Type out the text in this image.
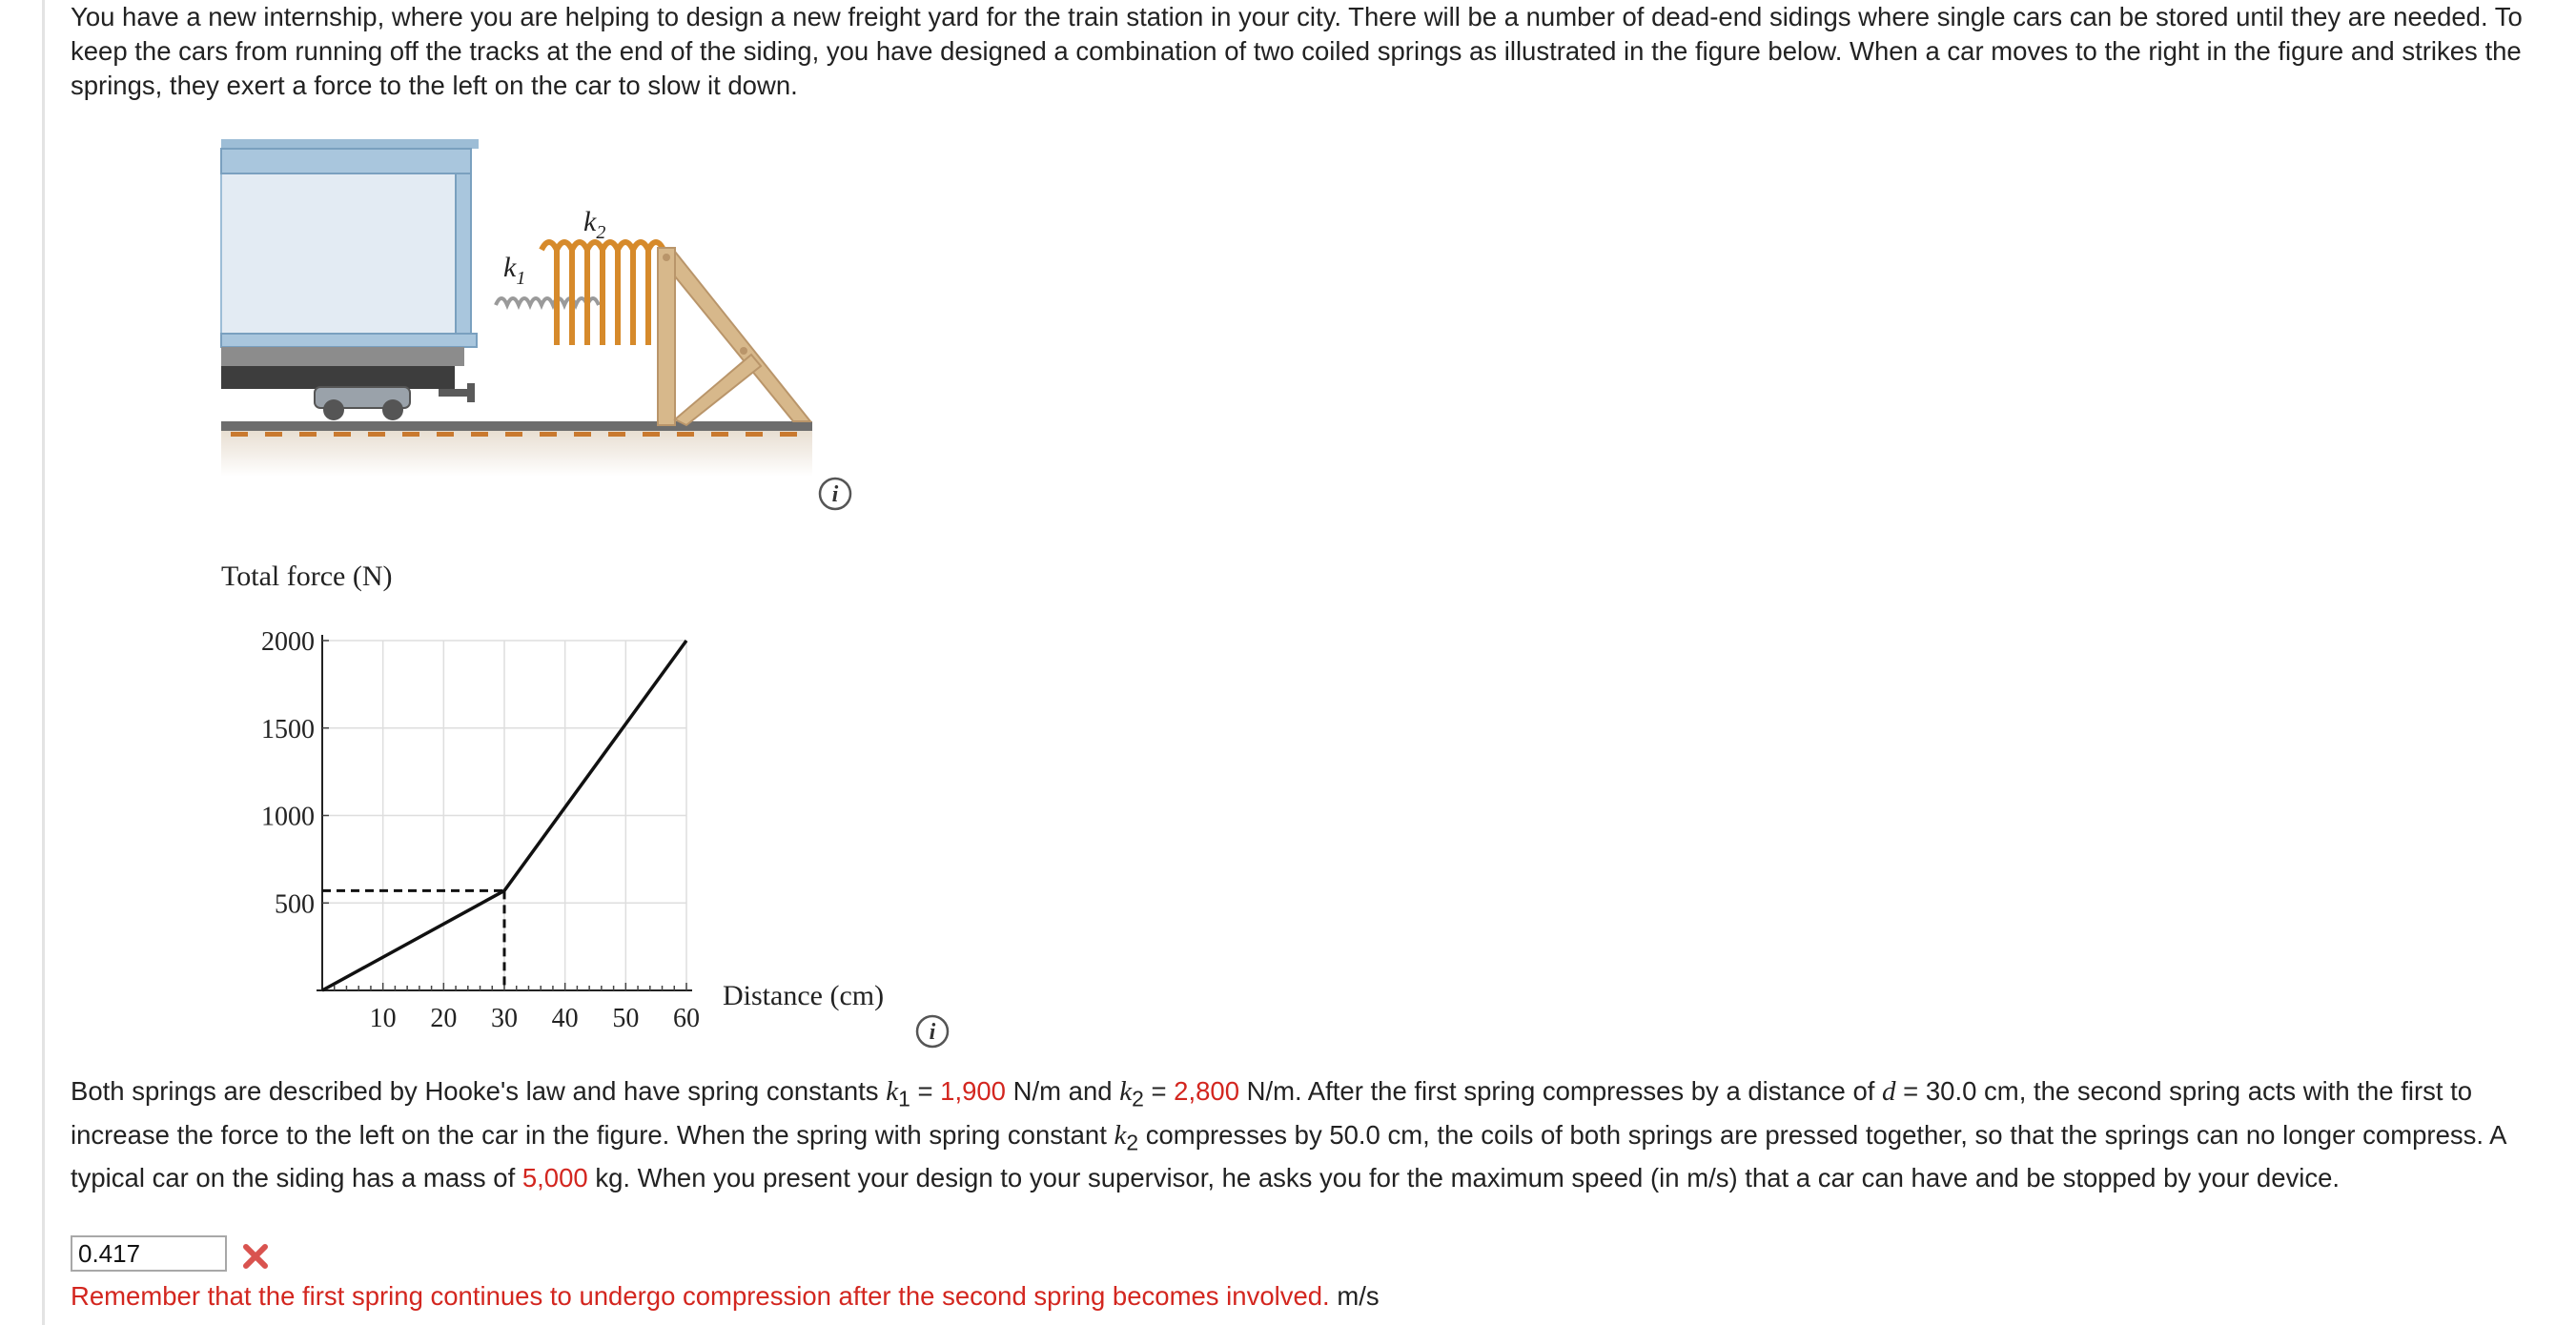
You have a new internship, where you are helping to design a new freight yard for the train station in your city. There will be a number of dead-end sidings where single cars can be stored until they are needed. To keep the cars from running off the tracks at the end of the siding, you have designed a combination of two coiled springs as illustrated in the figure below. When a car moves to the right in the figure and strikes the springs, they exert a force to the left on the car to slow it down.

$k_1$
$k_2$
i
Total force (N)
Distance (cm)
500
1000
1500
2000
10 20 30 40 50 60	i

Both springs are described by Hooke's law and have spring constants $k_1 = 1,900$ N/m and $k_2 = 2,800$ N/m. After the first spring compresses by a distance of d = 30.0 cm, the second spring acts with the first to increase the force to the left on the car in the figure. When the spring with spring constant $k_2$ compresses by 50.0 cm, the coils of both springs are pressed together, so that the springs can no longer compress. A typical car on the siding has a mass of 5,000 kg. When you present your design to your supervisor, he asks you for the maximum speed (in m/s) that a car can have and be stopped by your device.

0.417
Remember that the first spring continues to undergo compression after the second spring becomes involved. m/s
